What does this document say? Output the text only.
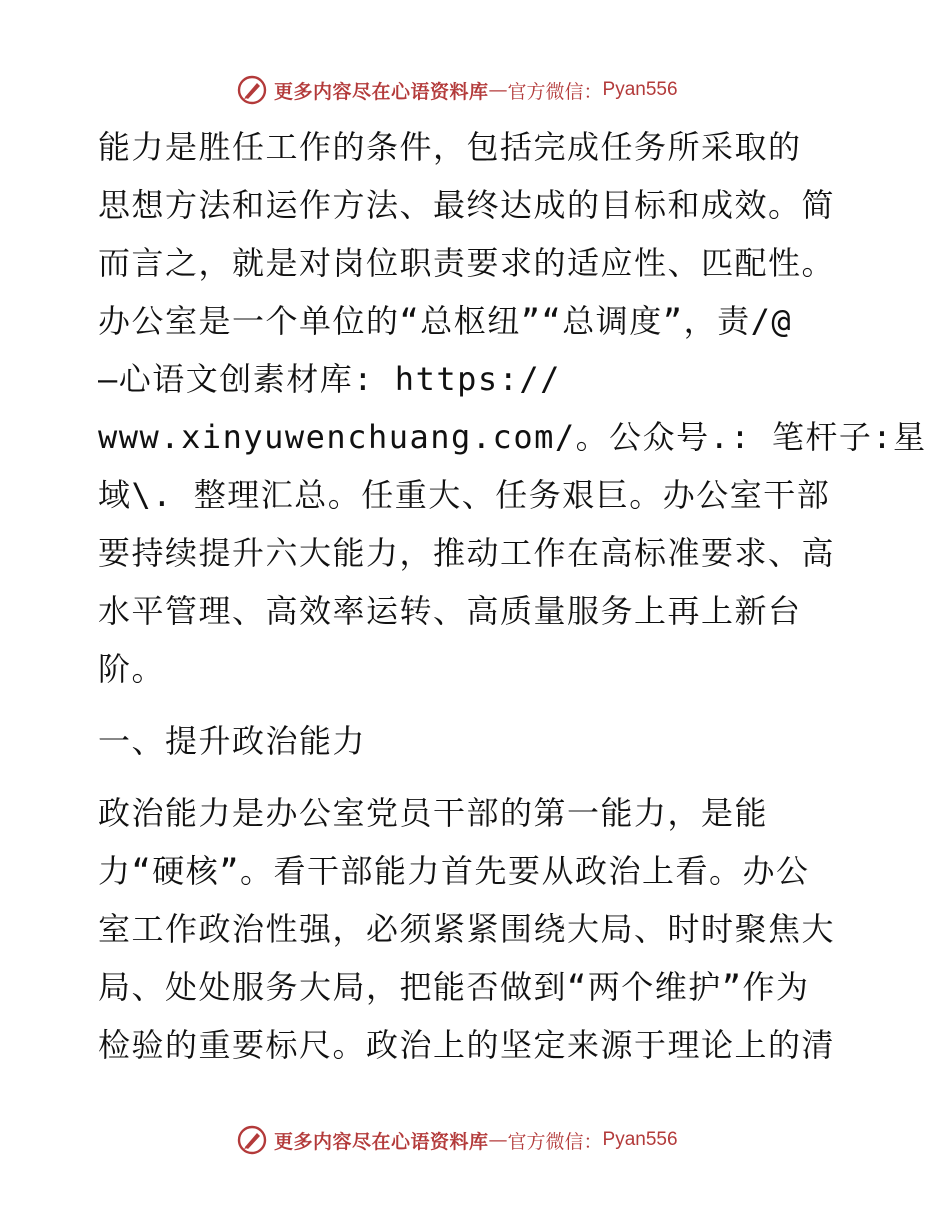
更多内容尽在心语资料库 — 官方微信： Pyan556
能力是胜任工作的条件，包括完成任务所采取的
思想方法和运作方法、最终达成的目标和成效。简
而言之，就是对岗位职责要求的适应性、匹配性。
办公室是一个单位的“总枢纽”“总调度”，责/@
—心语文创素材库: https://
www.xinyuwenchuang.com/。公众号.: 笔杆子:星
域\. 整理汇总。任重大、任务艰巨。办公室干部
要持续提升六大能力，推动工作在高标准要求、高
水平管理、高效率运转、高质量服务上再上新台
阶。
一、提升政治能力
政治能力是办公室党员干部的第一能力，是能
力“硬核”。看干部能力首先要从政治上看。办公
室工作政治性强，必须紧紧围绕大局、时时聚焦大
局、处处服务大局，把能否做到“两个维护”作为
检验的重要标尺。政治上的坚定来源于理论上的清
更多内容尽在心语资料库 — 官方微信： Pyan556
